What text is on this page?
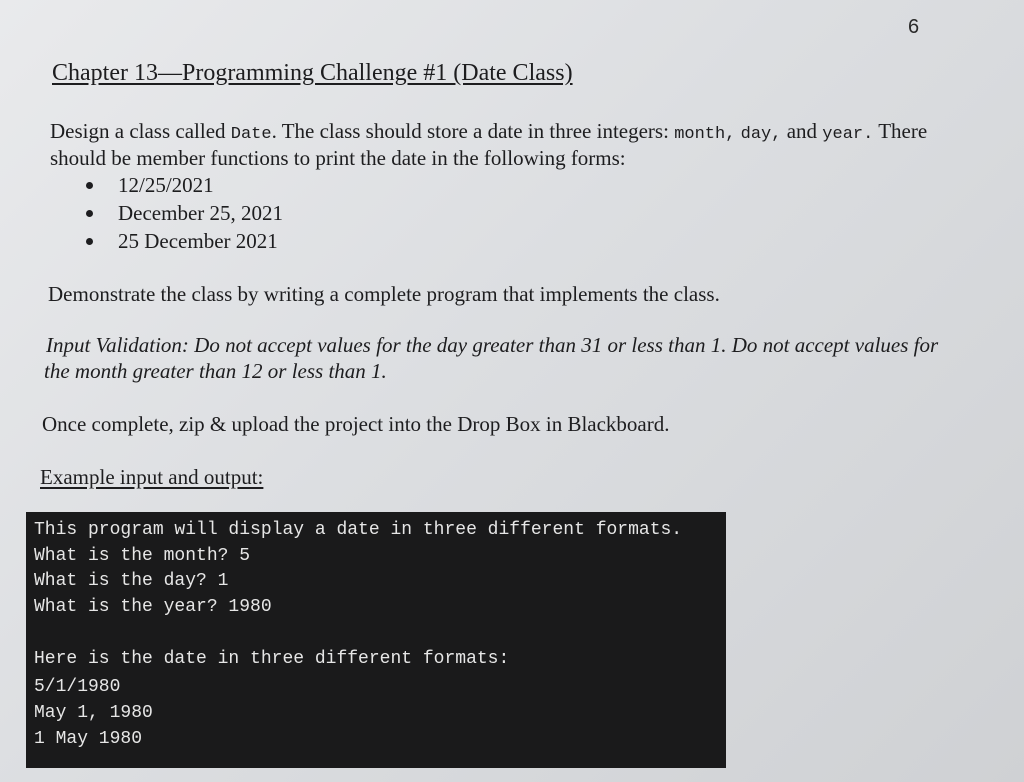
6
Chapter 13—Programming Challenge #1 (Date Class)
Design a class called Date. The class should store a date in three integers: month, day, and year. There
should be member functions to print the date in the following forms:
12/25/2021
December 25, 2021
25 December 2021
Demonstrate the class by writing a complete program that implements the class.
Input Validation: Do not accept values for the day greater than 31 or less than 1. Do not accept values for
the month greater than 12 or less than 1.
Once complete, zip & upload the project into the Drop Box in Blackboard.
Example input and output:
This program will display a date in three different formats.
What is the month? 5
What is the day? 1
What is the year? 1980
Here is the date in three different formats:
5/1/1980
May 1, 1980
1 May 1980
